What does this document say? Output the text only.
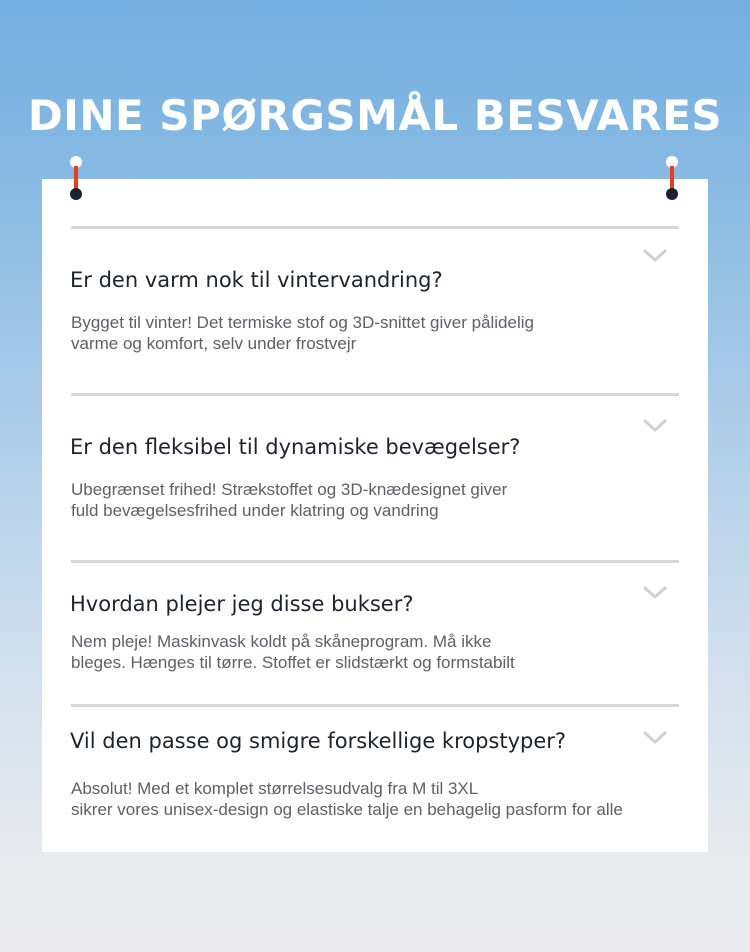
DINE SPØRGSMÅL BESVARES
Er den varm nok til vintervandring?
Bygget til vinter! Det termiske stof og 3D-snittet giver pålidelig
varme og komfort, selv under frostvejr
Er den fleksibel til dynamiske bevægelser?
Ubegrænset frihed! Strækstoffet og 3D-knædesignet giver
fuld bevægelsesfrihed under klatring og vandring
Hvordan plejer jeg disse bukser?
Nem pleje! Maskinvask koldt på skåneprogram. Må ikke
bleges. Hænges til tørre. Stoffet er slidstærkt og formstabilt
Vil den passe og smigre forskellige kropstyper?
Absolut! Med et komplet størrelsesudvalg fra M til 3XL
sikrer vores unisex-design og elastiske talje en behagelig pasform for alle
